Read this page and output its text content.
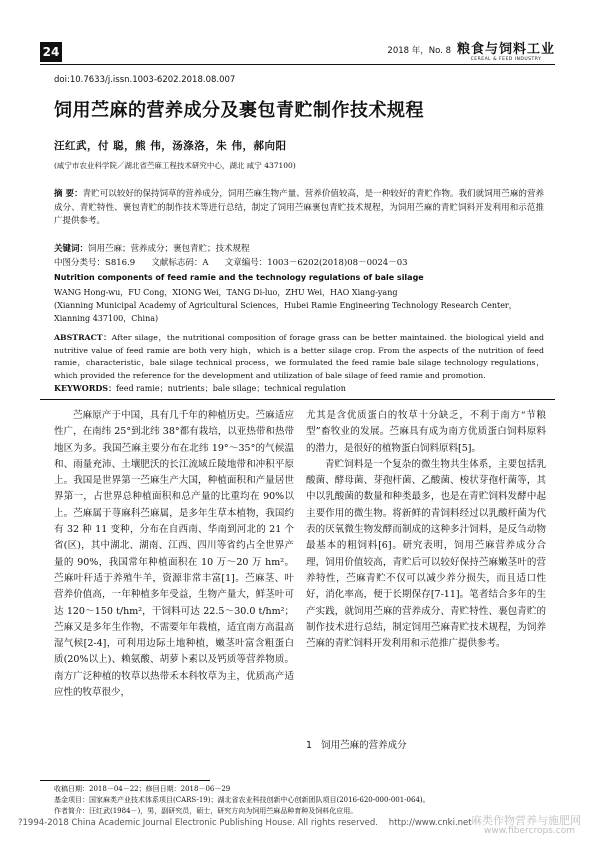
24	2018 年，No. 8 粮食与饲料工业
CEREAL & FEED INDUSTRY
doi:10.7633/j.issn.1003-6202.2018.08.007
饲用苎麻的营养成分及裹包青贮制作技术规程
汪红武，付 聪，熊 伟，汤涤洛，朱 伟，郝向阳
(咸宁市农业科学院／湖北省苎麻工程技术研究中心，湖北 咸宁 437100)
摘 要：青贮可以较好的保持饲草的营养成分，饲用苎麻生物产量、营养价值较高，是一种较好的青贮作物。我们就饲用苎麻的营养成分、青贮特性、裹包青贮的制作技术等进行总结，制定了饲用苎麻裹包青贮技术规程，为饲用苎麻的青贮饲料开发利用和示范推广提供参考。
关键词：饲用苎麻；营养成分；裹包青贮；技术规程
中图分类号：S816.9      文献标志码：A      文章编号：1003－6202(2018)08－0024－03
Nutrition components of feed ramie and the technology regulations of bale silage
WANG Hong-wu，FU Cong，XIONG Wei，TANG Di-luo，ZHU Wei，HAO Xiang-yang
(Xianning Municipal Academy of Agricultural Sciences，Hubei Ramie Engineering Technology Research Center，Xianning 437100，China)
ABSTRACT：After silage，the nutritional composition of forage grass can be better maintained. the biological yield and nutritive value of feed ramie are both very high，which is a better silage crop. From the aspects of the nutrition of feed ramie，characteristic，bale silage technical process，we formulated the feed ramie bale silage technology regulations，which provided the reference for the development and utilization of bale silage of feed ramie and promotion.
KEYWORDS：feed ramie；nutrients；bale silage；technical regulation

苎麻原产于中国，具有几千年的种植历史。苎麻适应性广，在南纬 25°到北纬 38°都有栽培，以亚热带和热带地区为多。我国苎麻主要分布在北纬 19°～35°的气候温和、雨量充沛、土壤肥沃的长江流域丘陵地带和冲积平原上。我国是世界第一苎麻生产大国，种植面积和产量居世界第一，占世界总种植面积和总产量的比重均在 90%以上。苎麻属于荨麻科苎麻属，是多年生草本植物，我国约有 32 种 11 变种，分布在自西南、华南到河北的 21 个省(区)，其中湖北、湖南、江西、四川等省约占全世界产量的 90%，我国常年种植面积在 10 万～20 万 hm²。苎麻叶秆适于养殖牛羊，资源非常丰富[1]。苎麻茎、叶营养价值高，一年种植多年受益，生物产量大，鲜茎叶可达 120～150 t/hm²，干饲料可达 22.5～30.0 t/hm²；苎麻又是多年生作物，不需要年年栽植，适宜南方高温高湿气候[2-4]，可利用边际土地种植，嫩茎叶富含粗蛋白质(20%以上)、赖氨酸、胡萝卜素以及钙质等营养物质。南方广泛种植的牧草以热带禾本科牧草为主，优质高产适应性的牧草很少，

尤其是含优质蛋白的牧草十分缺乏，不利于南方“节粮型”畜牧业的发展。苎麻具有成为南方优质蛋白饲料原料的潜力，是很好的植物蛋白饲料原料[5]。

青贮饲料是一个复杂的微生物共生体系，主要包括乳酸菌、酵母菌、芽孢杆菌、乙酸菌、梭状芽孢杆菌等，其中以乳酸菌的数量和种类最多，也是在青贮饲料发酵中起主要作用的微生物。将新鲜的青饲料经过以乳酸杆菌为代表的厌氧微生物发酵而制成的这种多汁饲料，是反刍动物最基本的粗饲料[6]。研究表明，饲用苎麻营养成分合理，饲用价值较高，青贮后可以较好保持苎麻嫩茎叶的营养特性，苎麻青贮不仅可以减少养分损失，而且适口性好，消化率高，便于长期保存[7-11]。笔者结合多年的生产实践，就饲用苎麻的营养成分、青贮特性、裹包青贮的制作技术进行总结，制定饲用苎麻青贮技术规程，为饲养苎麻的青贮饲料开发利用和示范推广提供参考。

1   饲用苎麻的营养成分
收稿日期：2018－04－22；修回日期：2018－06－29
基金项目：国家麻类产业技术体系项目(CARS-19)；湖北省农业科技创新中心创新团队项目(2016-620-000-001-064)。
作者简介：汪红武(1984－)，男，副研究员，硕士，研究方向为饲用苎麻品种育种及饲料化应用。
?1994-2018 China Academic Journal Electronic Publishing House. All rights reserved.    http://www.cnki.net 麻类作物营养与施肥网
www.fibercrops.com
